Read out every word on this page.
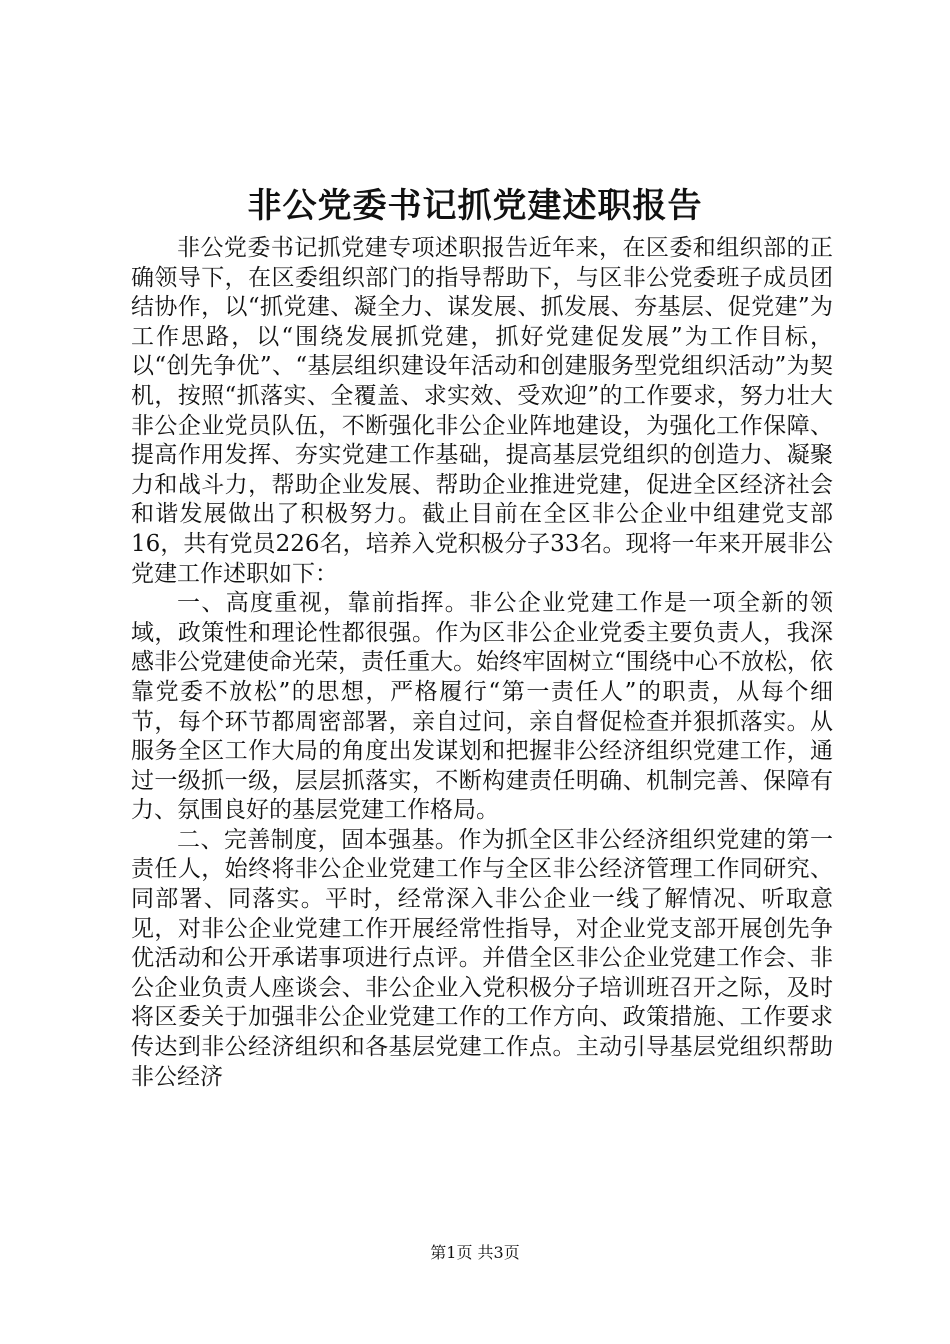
非公党委书记抓党建述职报告

非公党委书记抓党建专项述职报告近年来，在区委和组织部的正确领导下，在区委组织部门的指导帮助下，与区非公党委班子成员团结协作，以“抓党建、凝全力、谋发展、抓发展、夯基层、促党建”为工作思路，以“围绕发展抓党建，抓好党建促发展”为工作目标，以“创先争优”、“基层组织建设年活动和创建服务型党组织活动”为契机，按照“抓落实、全覆盖、求实效、受欢迎”的工作要求，努力壮大非公企业党员队伍，不断强化非公企业阵地建设，为强化工作保障、提高作用发挥、夯实党建工作基础，提高基层党组织的创造力、凝聚力和战斗力，帮助企业发展、帮助企业推进党建，促进全区经济社会和谐发展做出了积极努力。截止目前在全区非公企业中组建党支部16，共有党员226名，培养入党积极分子33名。现将一年来开展非公党建工作述职如下：

一、高度重视，靠前指挥。非公企业党建工作是一项全新的领域，政策性和理论性都很强。作为区非公企业党委主要负责人，我深感非公党建使命光荣，责任重大。始终牢固树立“围绕中心不放松，依靠党委不放松”的思想，严格履行“第一责任人”的职责，从每个细节，每个环节都周密部署，亲自过问，亲自督促检查并狠抓落实。从服务全区工作大局的角度出发谋划和把握非公经济组织党建工作，通过一级抓一级，层层抓落实，不断构建责任明确、机制完善、保障有力、氛围良好的基层党建工作格局。

二、完善制度，固本强基。作为抓全区非公经济组织党建的第一责任人，始终将非公企业党建工作与全区非公经济管理工作同研究、同部署、同落实。平时，经常深入非公企业一线了解情况、听取意见，对非公企业党建工作开展经常性指导，对企业党支部开展创先争优活动和公开承诺事项进行点评。并借全区非公企业党建工作会、非公企业负责人座谈会、非公企业入党积极分子培训班召开之际，及时将区委关于加强非公企业党建工作的工作方向、政策措施、工作要求传达到非公经济组织和各基层党建工作点。主动引导基层党组织帮助非公经济

第1页 共3页
